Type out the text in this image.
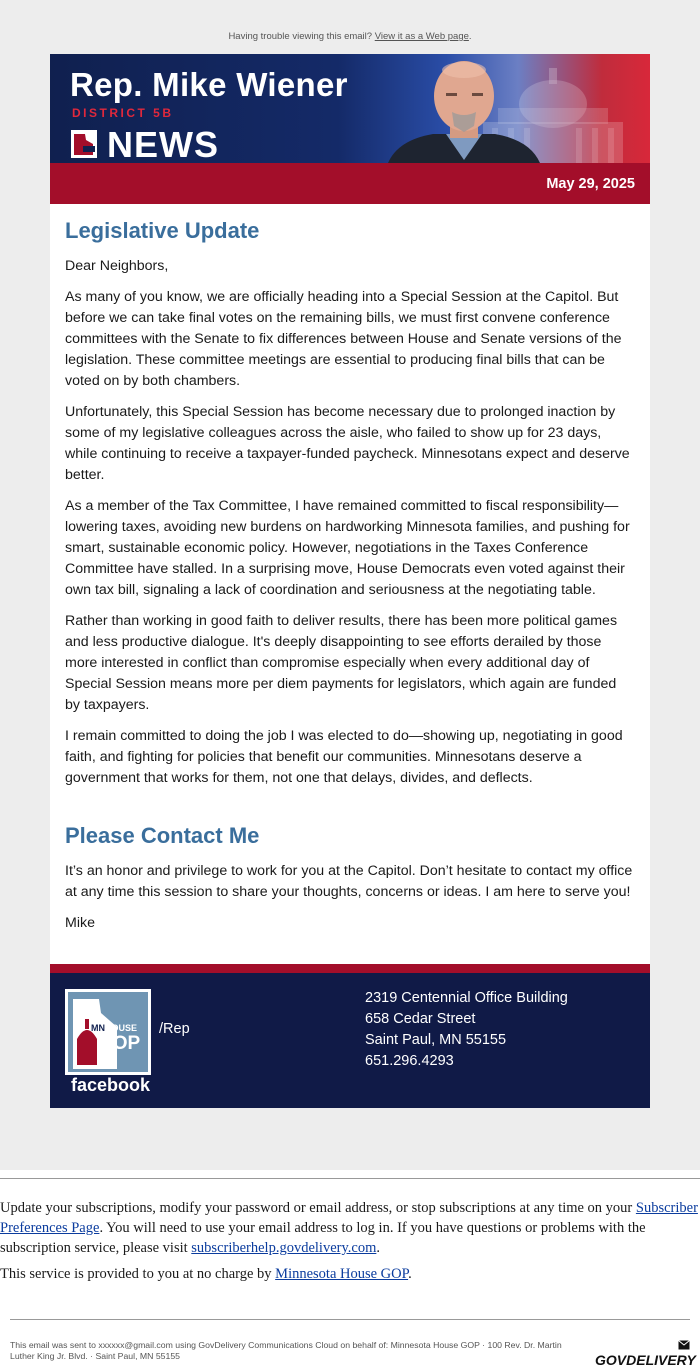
Having trouble viewing this email? View it as a Web page.
Rep. Mike Wiener
DISTRICT 5B
NEWS
May 29, 2025
Legislative Update

Dear Neighbors,

As many of you know, we are officially heading into a Special Session at the Capitol. But before we can take final votes on the remaining bills, we must first convene conference committees with the Senate to fix differences between House and Senate versions of the legislation. These committee meetings are essential to producing final bills that can be voted on by both chambers.

Unfortunately, this Special Session has become necessary due to prolonged inaction by some of my legislative colleagues across the aisle, who failed to show up for 23 days, while continuing to receive a taxpayer-funded paycheck. Minnesotans expect and deserve better.

As a member of the Tax Committee, I have remained committed to fiscal responsibility—lowering taxes, avoiding new burdens on hardworking Minnesota families, and pushing for smart, sustainable economic policy. However, negotiations in the Taxes Conference Committee have stalled. In a surprising move, House Democrats even voted against their own tax bill, signaling a lack of coordination and seriousness at the negotiating table.

Rather than working in good faith to deliver results, there has been more political games and less productive dialogue. It's deeply disappointing to see efforts derailed by those more interested in conflict than compromise especially when every additional day of Special Session means more per diem payments for legislators, which again are funded by taxpayers.

I remain committed to doing the job I was elected to do—showing up, negotiating in good faith, and fighting for policies that benefit our communities. Minnesotans deserve a government that works for them, not one that delays, divides, and deflects.

Please Contact Me

It’s an honor and privilege to work for you at the Capitol. Don’t hesitate to contact my office at any time this session to share your thoughts, concerns or ideas. I am here to serve you!

Mike

MN HOUSE
GOP
facebook
/Rep
2319 Centennial Office Building
658 Cedar Street
Saint Paul, MN 55155
651.296.4293
Update your subscriptions, modify your password or email address, or stop subscriptions at any time on your Subscriber Preferences Page. You will need to use your email address to log in. If you have questions or problems with the subscription service, please visit subscriberhelp.govdelivery.com.
This service is provided to you at no charge by Minnesota House GOP.
This email was sent to xxxxxx@gmail.com using GovDelivery Communications Cloud on behalf of: Minnesota House GOP · 100 Rev. Dr. Martin Luther King Jr. Blvd. · Saint Paul, MN 55155	GOVDELIVERY
